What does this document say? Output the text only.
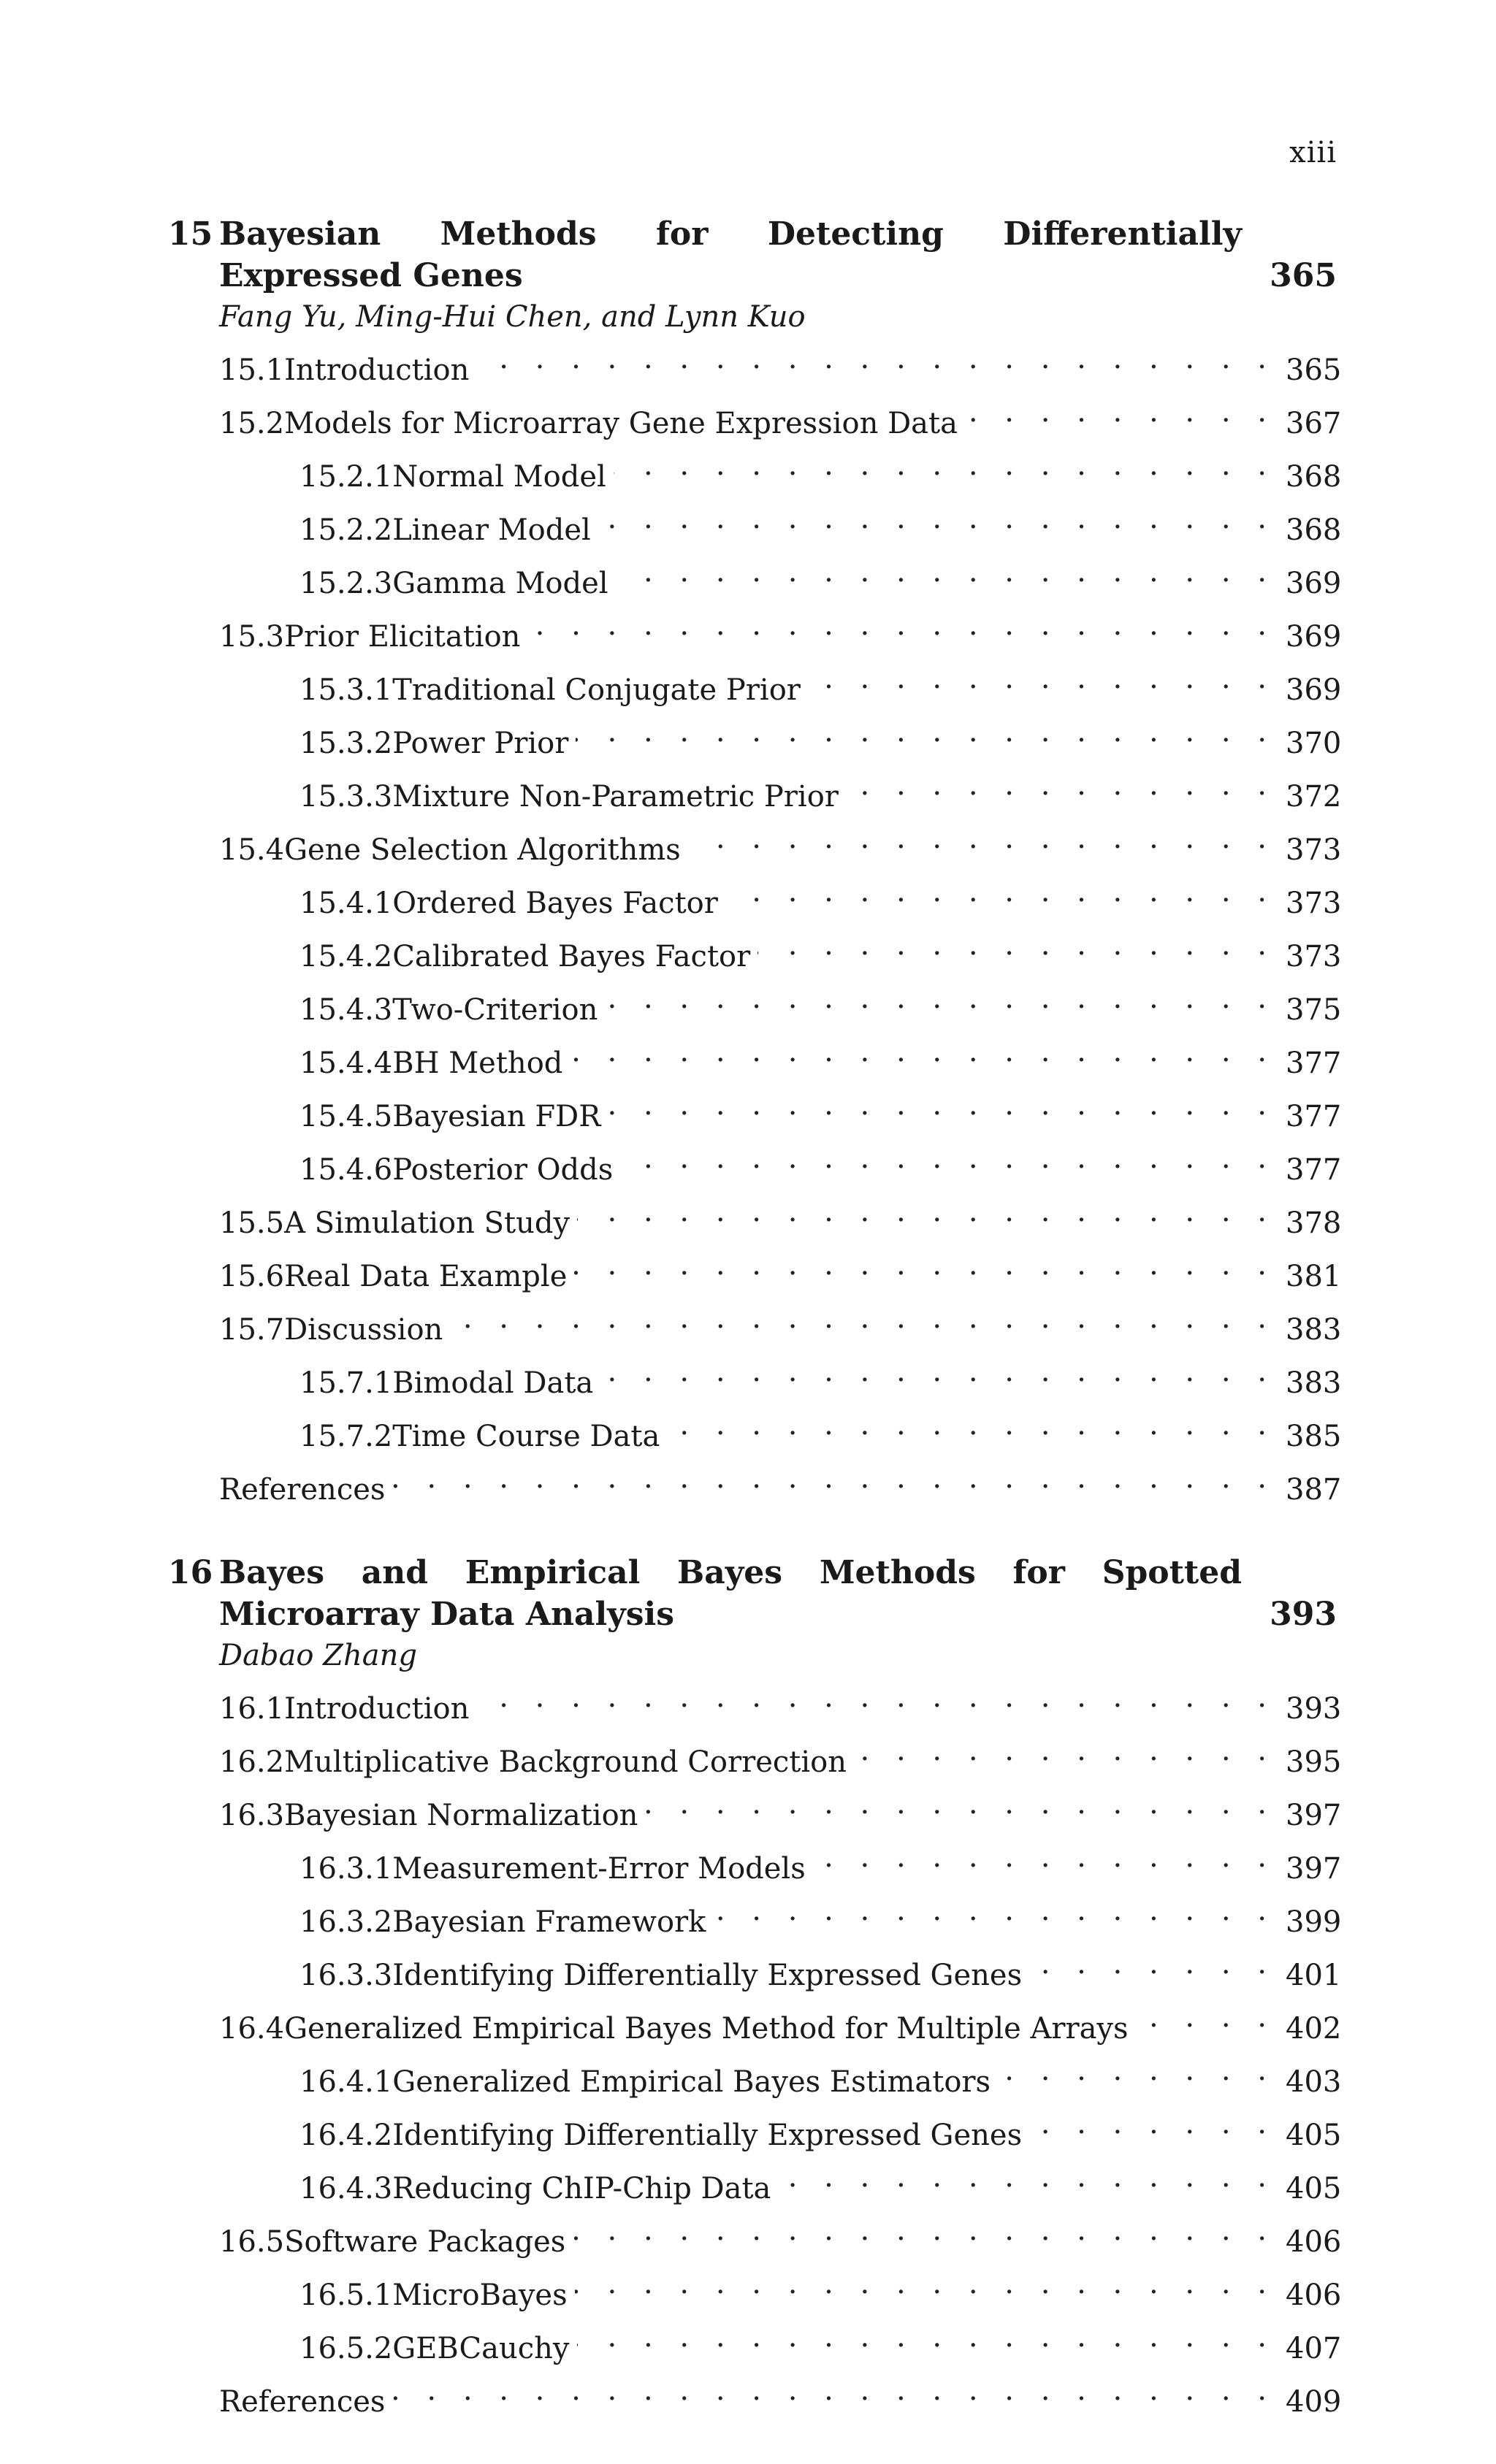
xiii
15 Bayesian Methods for Detecting Differentially Expressed Genes	365
Fang Yu, Ming-Hui Chen, and Lynn Kuo
15.1 Introduction . . .	365
15.2 Models for Microarray Gene Expression Data . . .	367
15.2.1 Normal Model . . .	368
15.2.2 Linear Model . . .	368
15.2.3 Gamma Model . . .	369
15.3 Prior Elicitation . . .	369
15.3.1 Traditional Conjugate Prior . . .	369
15.3.2 Power Prior . . .	370
15.3.3 Mixture Non-Parametric Prior . . .	372
15.4 Gene Selection Algorithms . . .	373
15.4.1 Ordered Bayes Factor . . .	373
15.4.2 Calibrated Bayes Factor . . .	373
15.4.3 Two-Criterion . . .	375
15.4.4 BH Method . . .	377
15.4.5 Bayesian FDR . . .	377
15.4.6 Posterior Odds . . .	377
15.5 A Simulation Study . . .	378
15.6 Real Data Example . . .	381
15.7 Discussion . . .	383
15.7.1 Bimodal Data . . .	383
15.7.2 Time Course Data . . .	385
References . . .	387
16 Bayes and Empirical Bayes Methods for Spotted Microarray Data Analysis	393
Dabao Zhang
16.1 Introduction . . .	393
16.2 Multiplicative Background Correction . . .	395
16.3 Bayesian Normalization . . .	397
16.3.1 Measurement-Error Models . . .	397
16.3.2 Bayesian Framework . . .	399
16.3.3 Identifying Differentially Expressed Genes . . .	401
16.4 Generalized Empirical Bayes Method for Multiple Arrays . . .	402
16.4.1 Generalized Empirical Bayes Estimators . . .	403
16.4.2 Identifying Differentially Expressed Genes . . .	405
16.4.3 Reducing ChIP-Chip Data . . .	405
16.5 Software Packages . . .	406
16.5.1 MicroBayes . . .	406
16.5.2 GEBCauchy . . .	407
References . . .	409
